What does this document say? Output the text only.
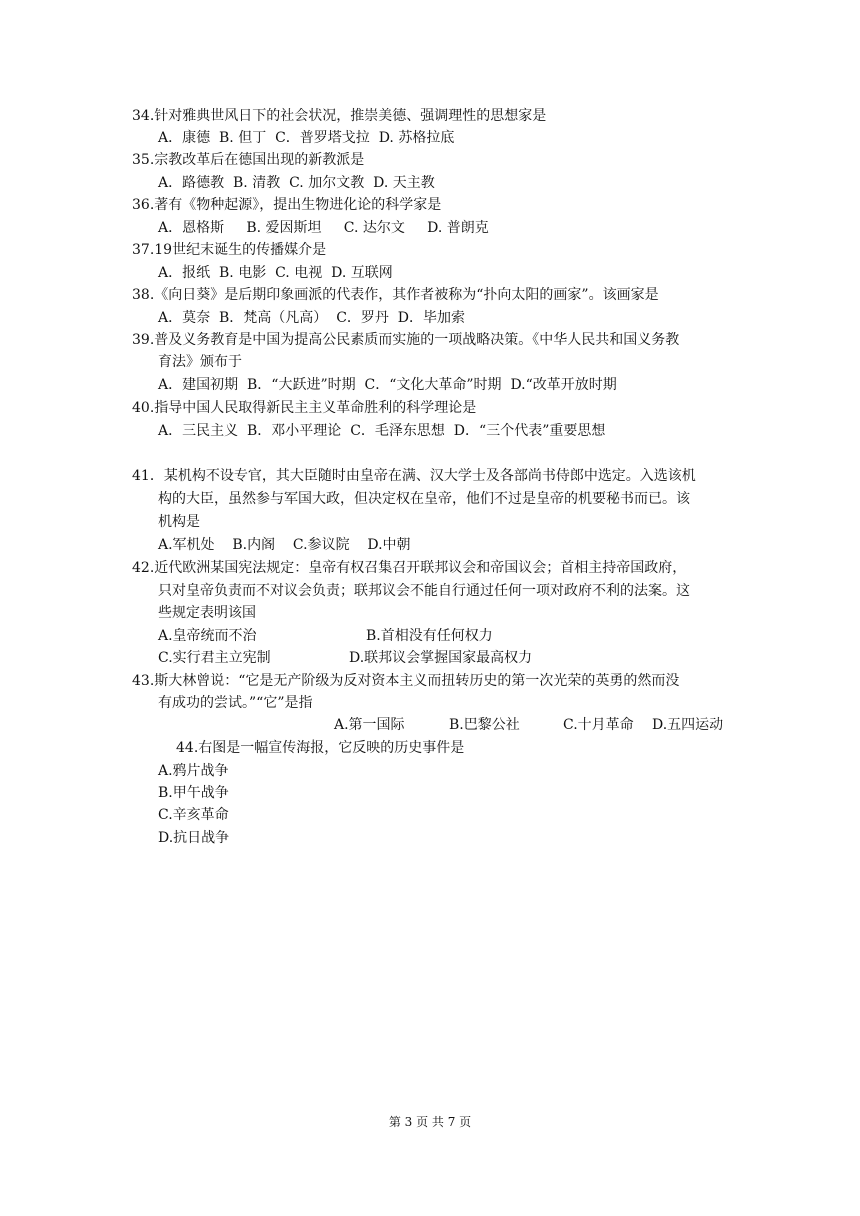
34.针对雅典世风日下的社会状况，推崇美德、强调理性的思想家是
A．康德  B. 但丁  C．普罗塔戈拉  D. 苏格拉底
35.宗教改革后在德国出现的新教派是
A．路德教  B. 清教  C. 加尔文教  D. 天主教
36.著有《物种起源》，提出生物进化论的科学家是
A．恩格斯     B. 爱因斯坦     C. 达尔文     D. 普朗克
37.19世纪末诞生的传播媒介是
A．报纸  B. 电影  C. 电视  D. 互联网
38.《向日葵》是后期印象画派的代表作，其作者被称为“扑向太阳的画家”。该画家是
A．莫奈  B．梵高（凡高）  C．罗丹  D．毕加索
39.普及义务教育是中国为提高公民素质而实施的一项战略决策。《中华人民共和国义务教
育法》颁布于
A．建国初期  B．“大跃进”时期  C．“文化大革命”时期  D.“改革开放时期
40.指导中国人民取得新民主主义革命胜利的科学理论是
A．三民主义  B．邓小平理论  C．毛泽东思想  D．“三个代表”重要思想
41．某机构不设专官，其大臣随时由皇帝在满、汉大学士及各部尚书侍郎中选定。入选该机
构的大臣，虽然参与军国大政，但决定权在皇帝，他们不过是皇帝的机要秘书而已。该
机构是
A.军机处    B.内阁    C.参议院    D.中朝
42.近代欧洲某国宪法规定：皇帝有权召集召开联邦议会和帝国议会；首相主持帝国政府，
只对皇帝负责而不对议会负责；联邦议会不能自行通过任何一项对政府不利的法案。这
些规定表明该国
A.皇帝统而不治	B.首相没有任何权力
C.实行君主立宪制	D.联邦议会掌握国家最高权力
43.斯大林曾说：“它是无产阶级为反对资本主义而扭转历史的第一次光荣的英勇的然而没
有成功的尝试。”“它”是指
A.第一国际	B.巴黎公社	C.十月革命 D.五四运动
44.右图是一幅宣传海报，它反映的历史事件是
A.鸦片战争
B.甲午战争
C.辛亥革命
D.抗日战争
第 3 页 共 7 页
